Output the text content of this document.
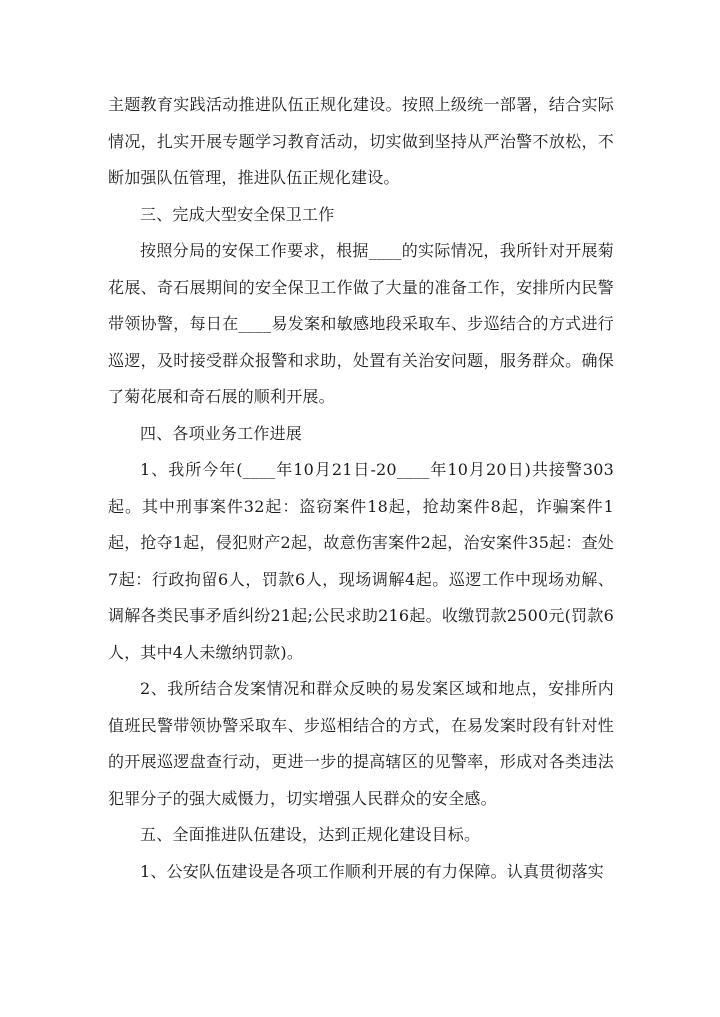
主题教育实践活动推进队伍正规化建设。按照上级统一部署，结合实际情况，扎实开展专题学习教育活动，切实做到坚持从严治警不放松，不断加强队伍管理，推进队伍正规化建设。

三、完成大型安全保卫工作

按照分局的安保工作要求，根据____的实际情况，我所针对开展菊花展、奇石展期间的安全保卫工作做了大量的准备工作，安排所内民警带领协警，每日在____易发案和敏感地段采取车、步巡结合的方式进行巡逻，及时接受群众报警和求助，处置有关治安问题，服务群众。确保了菊花展和奇石展的顺利开展。

四、各项业务工作进展

1、我所今年(____年10月21日-20____年10月20日)共接警303起。其中刑事案件32起：盗窃案件18起，抢劫案件8起，诈骗案件1起，抢夺1起，侵犯财产2起，故意伤害案件2起，治安案件35起：查处7起：行政拘留6人，罚款6人，现场调解4起。巡逻工作中现场劝解、调解各类民事矛盾纠纷21起;公民求助216起。收缴罚款2500元(罚款6人，其中4人未缴纳罚款)。

2、我所结合发案情况和群众反映的易发案区域和地点，安排所内值班民警带领协警采取车、步巡相结合的方式，在易发案时段有针对性的开展巡逻盘查行动，更进一步的提高辖区的见警率，形成对各类违法犯罪分子的强大威慑力，切实增强人民群众的安全感。

五、全面推进队伍建设，达到正规化建设目标。

1、公安队伍建设是各项工作顺利开展的有力保障。认真贯彻落实
